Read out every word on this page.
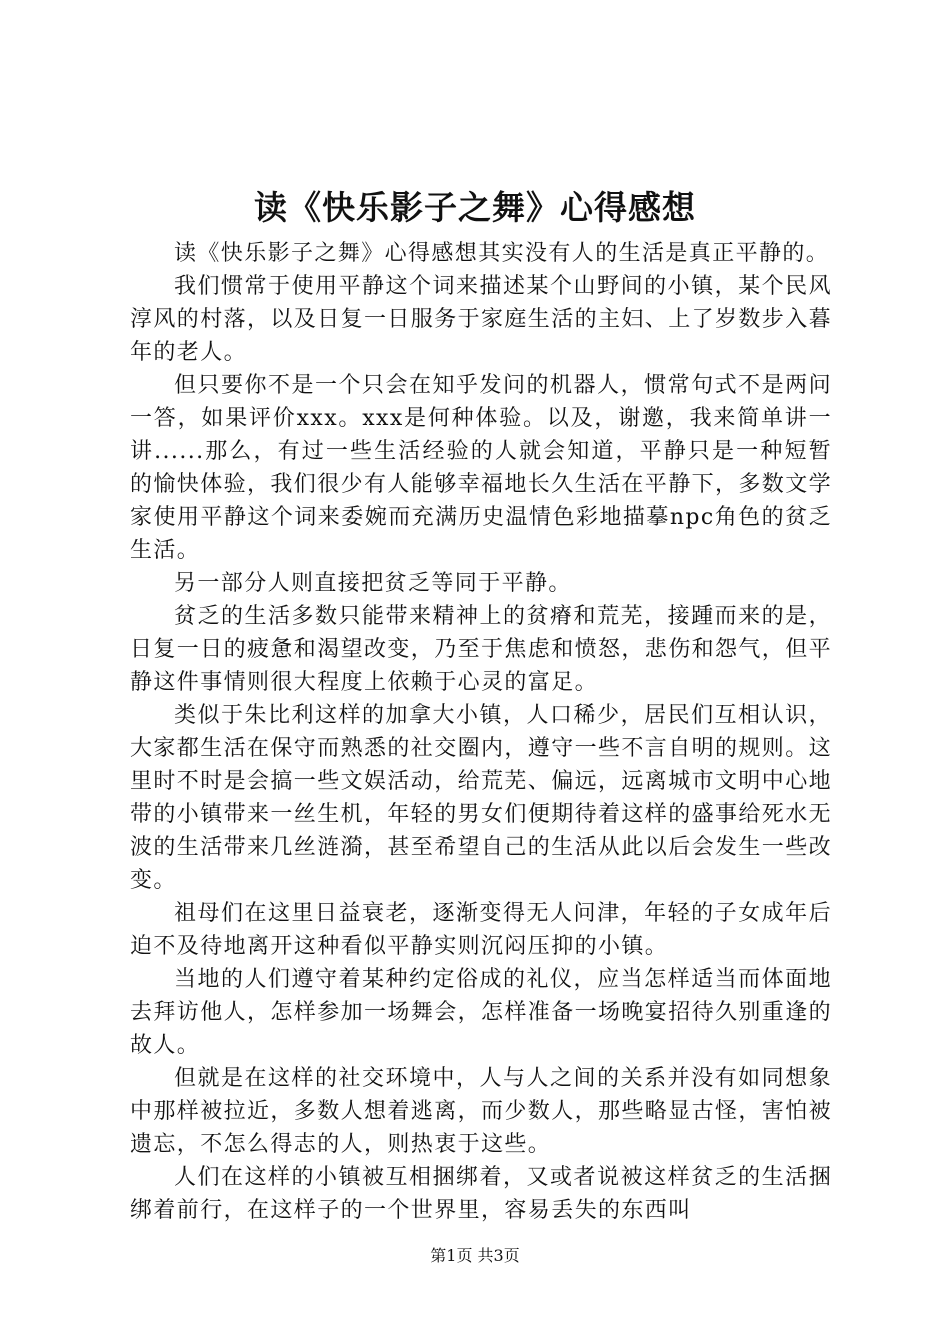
读《快乐影子之舞》心得感想

读《快乐影子之舞》心得感想其实没有人的生活是真正平静的。

我们惯常于使用平静这个词来描述某个山野间的小镇，某个民风淳风的村落，以及日复一日服务于家庭生活的主妇、上了岁数步入暮年的老人。

但只要你不是一个只会在知乎发问的机器人，惯常句式不是两问一答，如果评价xxx。xxx是何种体验。以及，谢邀，我来简单讲一讲......那么，有过一些生活经验的人就会知道，平静只是一种短暂的愉快体验，我们很少有人能够幸福地长久生活在平静下，多数文学家使用平静这个词来委婉而充满历史温情色彩地描摹npc角色的贫乏生活。

另一部分人则直接把贫乏等同于平静。

贫乏的生活多数只能带来精神上的贫瘠和荒芜，接踵而来的是，日复一日的疲惫和渴望改变，乃至于焦虑和愤怒，悲伤和怨气，但平静这件事情则很大程度上依赖于心灵的富足。

类似于朱比利这样的加拿大小镇，人口稀少，居民们互相认识，大家都生活在保守而熟悉的社交圈内，遵守一些不言自明的规则。这里时不时是会搞一些文娱活动，给荒芜、偏远，远离城市文明中心地带的小镇带来一丝生机，年轻的男女们便期待着这样的盛事给死水无波的生活带来几丝涟漪，甚至希望自己的生活从此以后会发生一些改变。

祖母们在这里日益衰老，逐渐变得无人问津，年轻的子女成年后迫不及待地离开这种看似平静实则沉闷压抑的小镇。

当地的人们遵守着某种约定俗成的礼仪，应当怎样适当而体面地去拜访他人，怎样参加一场舞会，怎样准备一场晚宴招待久别重逢的故人。

但就是在这样的社交环境中，人与人之间的关系并没有如同想象中那样被拉近，多数人想着逃离，而少数人，那些略显古怪，害怕被遗忘，不怎么得志的人，则热衷于这些。

人们在这样的小镇被互相捆绑着，又或者说被这样贫乏的生活捆绑着前行，在这样子的一个世界里，容易丢失的东西叫

第1页 共3页
